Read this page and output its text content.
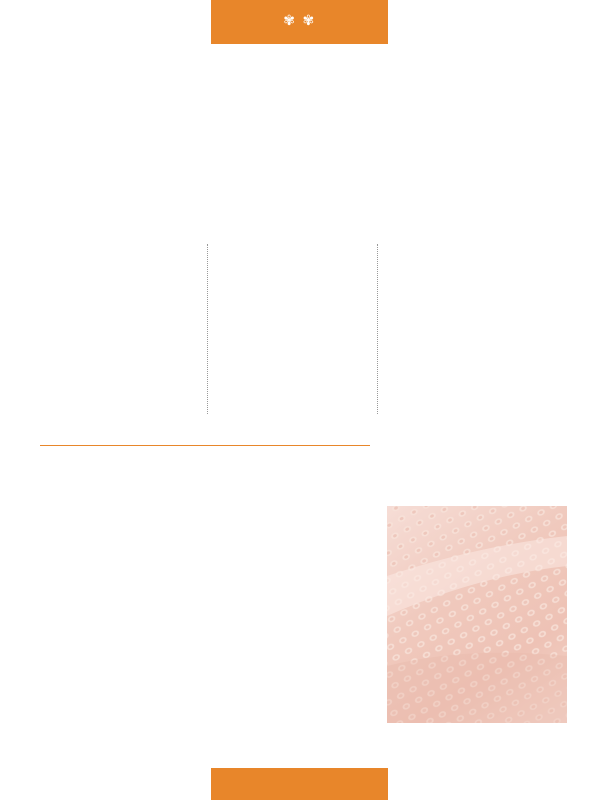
✾ ✾
